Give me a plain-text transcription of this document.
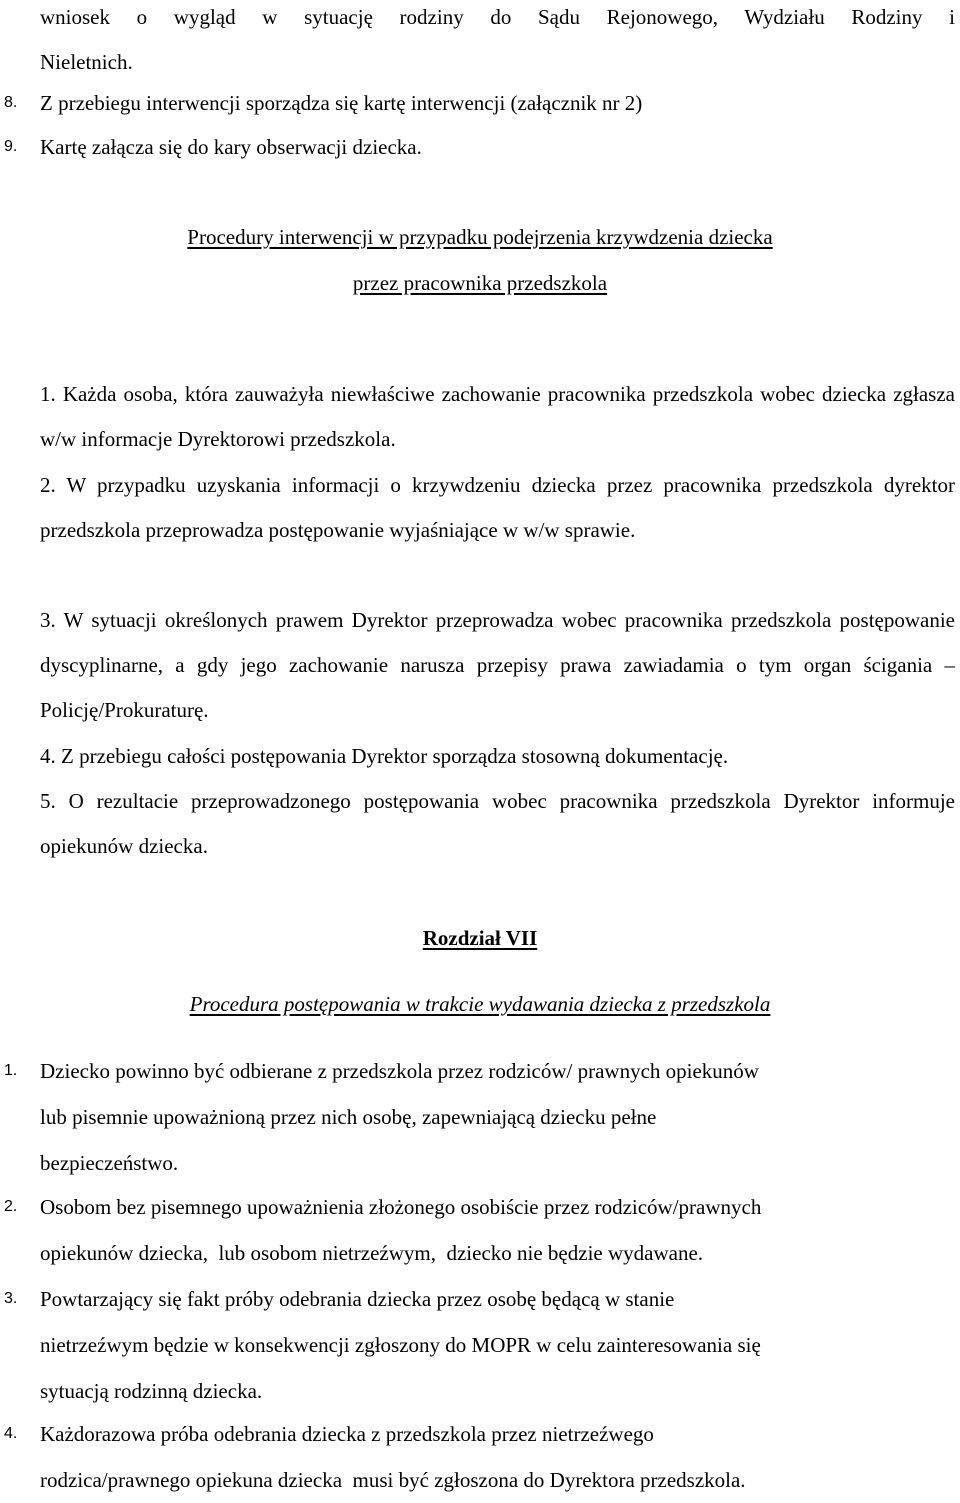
wniosek o wygląd w sytuację rodziny do Sądu Rejonowego, Wydziału Rodziny i
Nieletnich.
8.	Z przebiegu interwencji sporządza się kartę interwencji (załącznik nr 2)
9.	Kartę załącza się do kary obserwacji dziecka.
Procedury interwencji w przypadku podejrzenia krzywdzenia dziecka
przez pracownika przedszkola
1. Każda osoba, która zauważyła niewłaściwe zachowanie pracownika przedszkola wobec dziecka zgłasza w/w informacje Dyrektorowi przedszkola.
2. W przypadku uzyskania informacji o krzywdzeniu dziecka przez pracownika przedszkola dyrektor przedszkola przeprowadza postępowanie wyjaśniające w w/w sprawie.
3. W sytuacji określonych prawem Dyrektor przeprowadza wobec pracownika przedszkola postępowanie dyscyplinarne, a gdy jego zachowanie narusza przepisy prawa zawiadamia o tym organ ścigania – Policję/Prokuraturę.
4. Z przebiegu całości postępowania Dyrektor sporządza stosowną dokumentację.
5. O rezultacie przeprowadzonego postępowania wobec pracownika przedszkola Dyrektor informuje opiekunów dziecka.
Rozdział VII
Procedura postępowania w trakcie wydawania dziecka z przedszkola
1.	Dziecko powinno być odbierane z przedszkola przez rodziców/ prawnych opiekunów
lub pisemnie upoważnioną przez nich osobę, zapewniającą dziecku pełne
bezpieczeństwo.
2.	Osobom bez pisemnego upoważnienia złożonego osobiście przez rodziców/prawnych
opiekunów dziecka,  lub osobom nietrzeźwym,  dziecko nie będzie wydawane.
3.	Powtarzający się fakt próby odebrania dziecka przez osobę będącą w stanie
nietrzeźwym będzie w konsekwencji zgłoszony do MOPR w celu zainteresowania się
sytuacją rodzinną dziecka.
4.	Każdorazowa próba odebrania dziecka z przedszkola przez nietrzeźwego
rodzica/prawnego opiekuna dziecka  musi być zgłoszona do Dyrektora przedszkola.
